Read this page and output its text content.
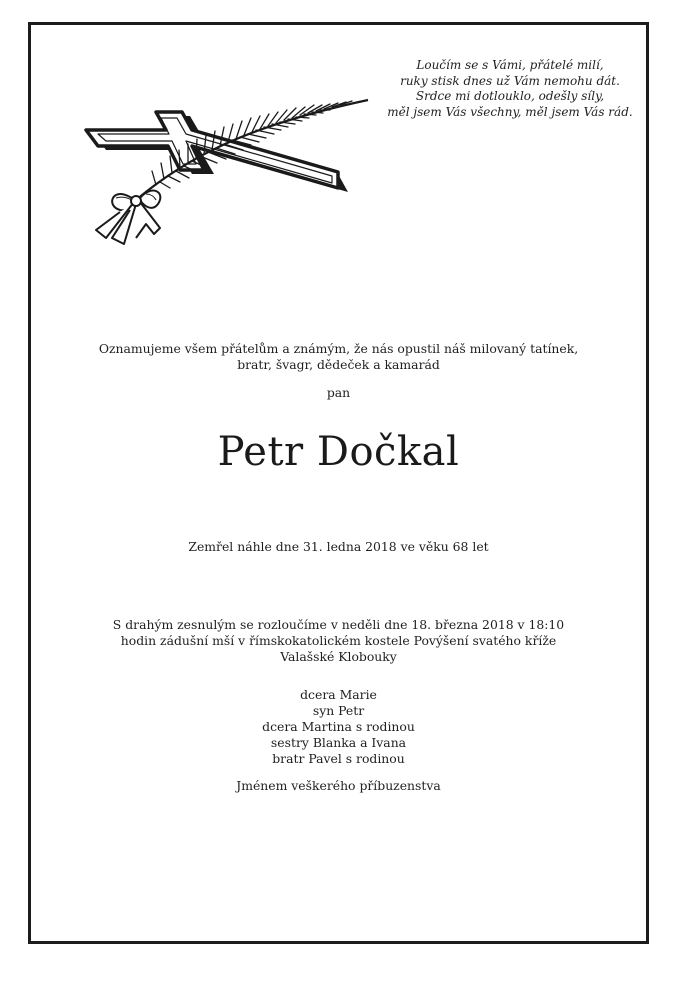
Loučím se s Vámi, přátelé milí,
ruky stisk dnes už Vám nemohu dát.
Srdce mi dotlouklo, odešly síly,
měl jsem Vás všechny, měl jsem Vás rád.
Oznamujeme všem přátelům a známým, že nás opustil náš milovaný tatínek,
bratr, švagr, dědeček a kamarád
pan
Petr Dočkal
Zemřel náhle dne 31. ledna 2018 ve věku 68 let
S drahým zesnulým se rozloučíme v neděli dne 18. března 2018 v 18:10
hodin zádušní mší v římskokatolickém kostele Povýšení svatého kříže
Valašské Klobouky
dcera Marie
syn Petr
dcera Martina s rodinou
sestry Blanka a Ivana
bratr Pavel s rodinou
Jménem veškerého příbuzenstva
